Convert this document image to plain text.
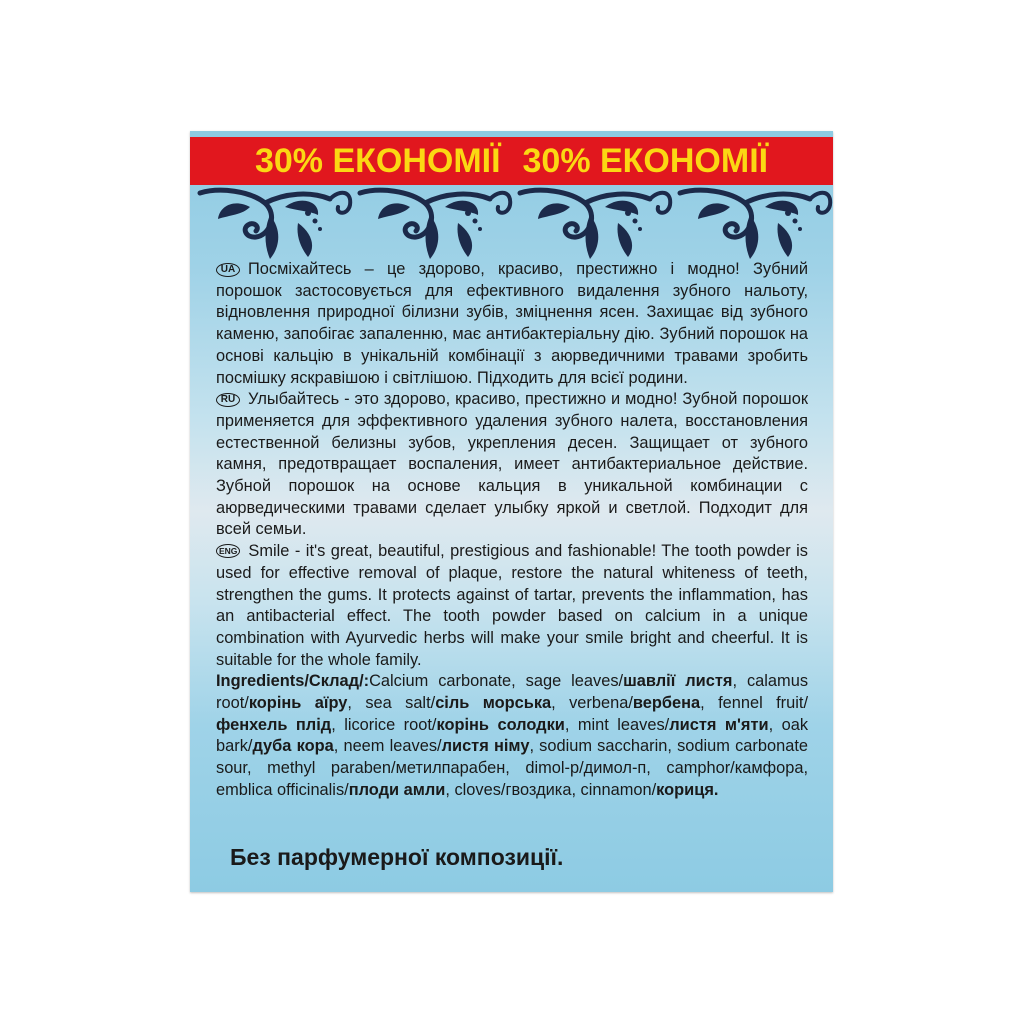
30% ЕКОНОМІЇ 30% ЕКОНОМІЇ

UA Посміхайтесь – це здорово, красиво, престижно і модно! Зубний порошок застосовується для ефективного видалення зубного нальоту, відновлення природної білизни зубів, зміцнення ясен. Захищає від зубного каменю, запобігає запаленню, має антибактеріальну дію. Зубний порошок на основі кальцію в унікальній комбінації з аюрведичними травами зробить посмішку яскравішою і світлішою. Підходить для всієї родини.

RU Улыбайтесь - это здорово, красиво, престижно и модно! Зубной порошок применяется для эффективного удаления зубного налета, восстановления естественной белизны зубов, укрепления десен. Защищает от зубного камня, предотвращает воспаления, имеет антибактериальное действие. Зубной порошок на основе кальция в уникальной комбинации с аюрведическими травами сделает улыбку яркой и светлой. Подходит для всей семьи.

ENG Smile - it's great, beautiful, prestigious and fashionable! The tooth powder is used for effective removal of plaque, restore the natural whiteness of teeth, strengthen the gums. It protects against of tartar, prevents the inflammation, has an antibacterial effect. The tooth powder based on calcium in a unique combination with Ayurvedic herbs will make your smile bright and cheerful. It is suitable for the whole family.

Ingredients/Склад/:Calcium carbonate, sage leaves/шавлії листя, calamus root/корінь аїру, sea salt/сіль морська, verbena/вербена, fennel fruit/фенхель плід, licorice root/корінь солодки, mint leaves/листя м'яти, oak bark/дуба кора, neem leaves/листя німу, sodium saccharin, sodium carbonate sour, methyl paraben/метилпарабен, dimol-p/димол-п, camphor/камфора, emblica officinalis/плоди амли, cloves/гвоздика, cinnamon/кориця.

Без парфумерної композиції.
